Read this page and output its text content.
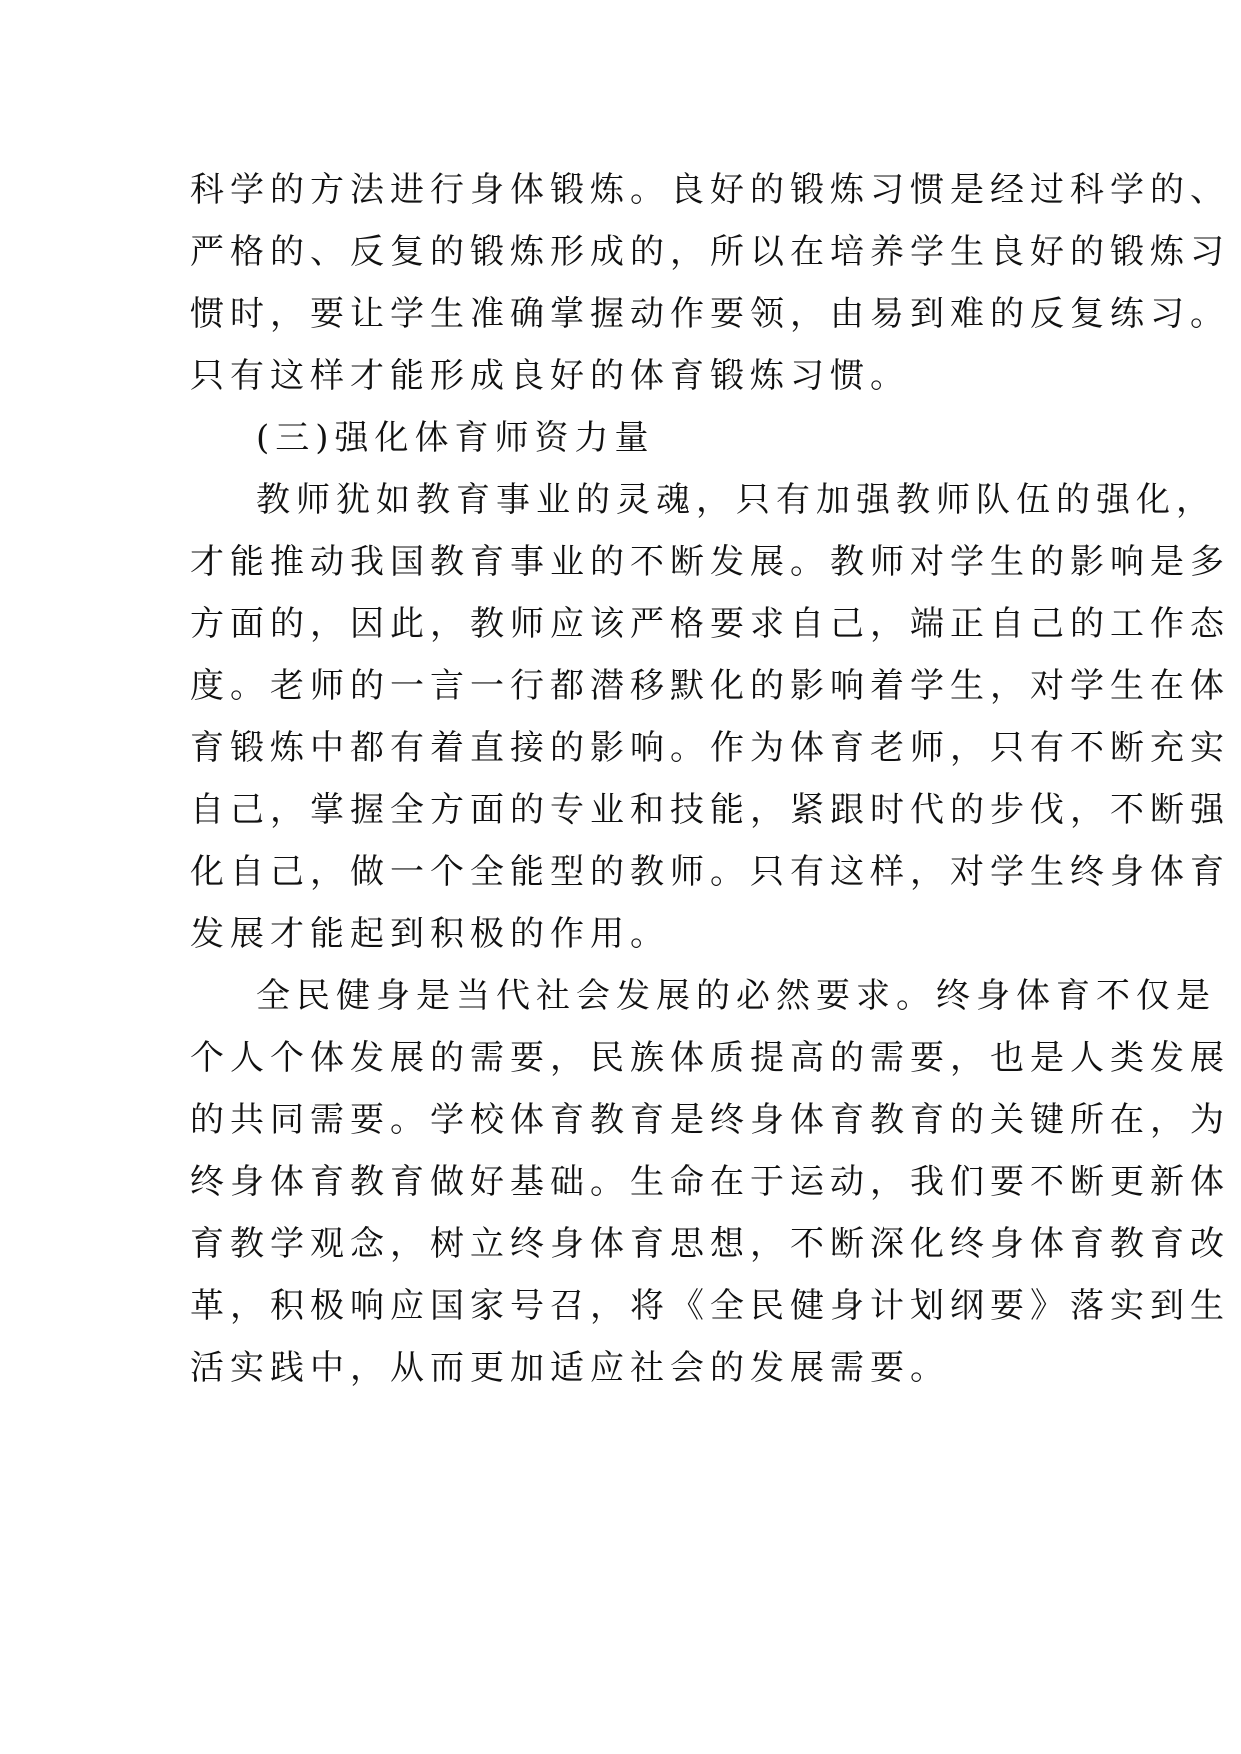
科学的方法进行身体锻炼。良好的锻炼习惯是经过科学的、
严格的、反复的锻炼形成的，所以在培养学生良好的锻炼习
惯时，要让学生准确掌握动作要领，由易到难的反复练习。
只有这样才能形成良好的体育锻炼习惯。
(三)强化体育师资力量
教师犹如教育事业的灵魂，只有加强教师队伍的强化，
才能推动我国教育事业的不断发展。教师对学生的影响是多
方面的，因此，教师应该严格要求自己，端正自己的工作态
度。老师的一言一行都潜移默化的影响着学生，对学生在体
育锻炼中都有着直接的影响。作为体育老师，只有不断充实
自己，掌握全方面的专业和技能，紧跟时代的步伐，不断强
化自己，做一个全能型的教师。只有这样，对学生终身体育
发展才能起到积极的作用。
全民健身是当代社会发展的必然要求。终身体育不仅是
个人个体发展的需要，民族体质提高的需要，也是人类发展
的共同需要。学校体育教育是终身体育教育的关键所在，为
终身体育教育做好基础。生命在于运动，我们要不断更新体
育教学观念，树立终身体育思想，不断深化终身体育教育改
革，积极响应国家号召，将《全民健身计划纲要》落实到生
活实践中，从而更加适应社会的发展需要。
